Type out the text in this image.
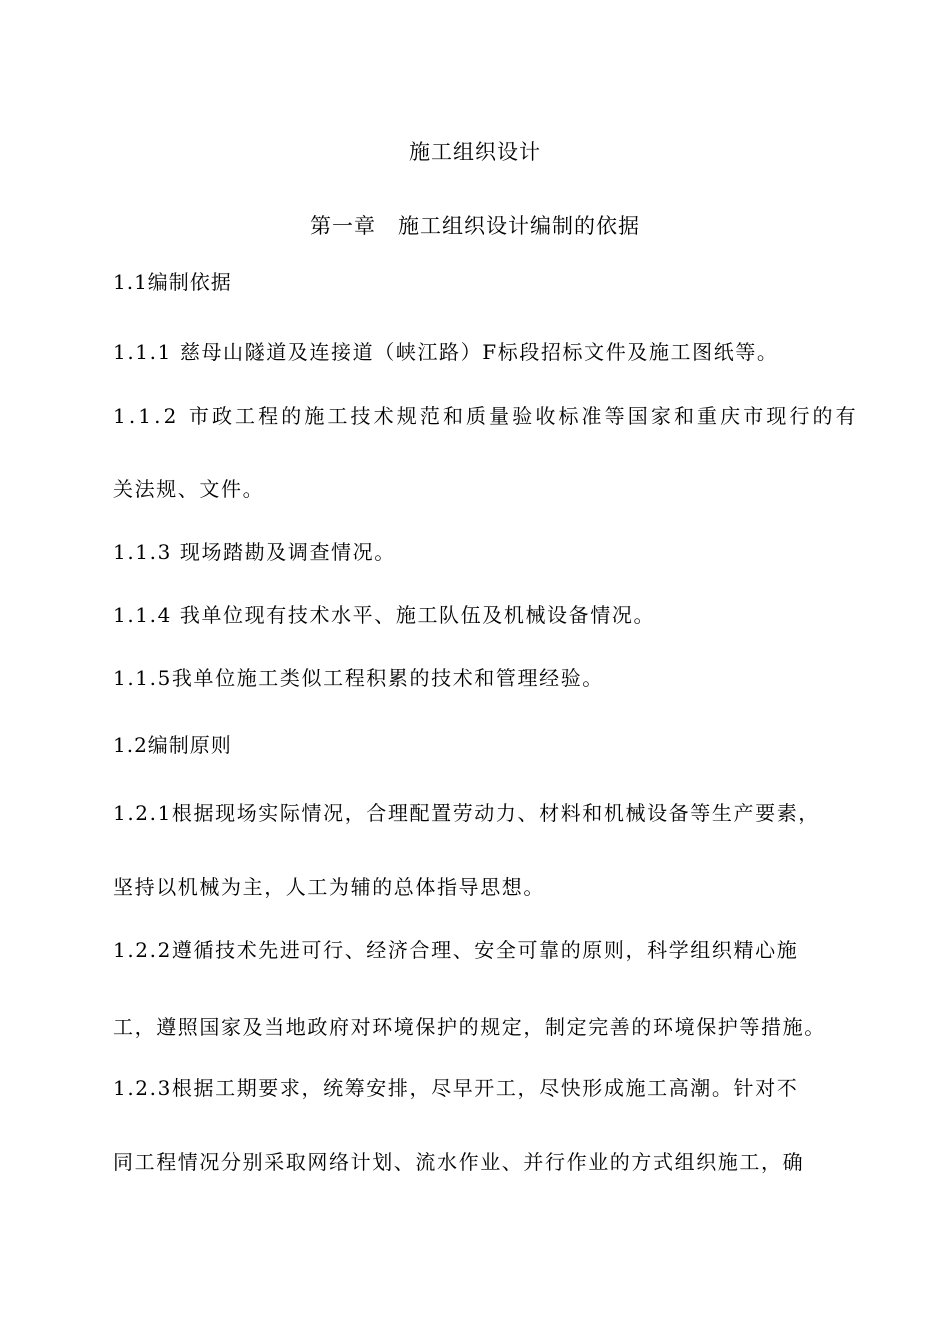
施工组织设计
第一章　施工组织设计编制的依据
1.1编制依据
1.1.1 慈母山隧道及连接道（峡江路）F标段招标文件及施工图纸等。
1.1.2 市政工程的施工技术规范和质量验收标准等国家和重庆市现行的有
关法规、文件。
1.1.3 现场踏勘及调查情况。
1.1.4 我单位现有技术水平、施工队伍及机械设备情况。
1.1.5我单位施工类似工程积累的技术和管理经验。
1.2编制原则
1.2.1根据现场实际情况，合理配置劳动力、材料和机械设备等生产要素，
坚持以机械为主，人工为辅的总体指导思想。
1.2.2遵循技术先进可行、经济合理、安全可靠的原则，科学组织精心施
工，遵照国家及当地政府对环境保护的规定，制定完善的环境保护等措施。
1.2.3根据工期要求，统筹安排，尽早开工，尽快形成施工高潮。针对不
同工程情况分别采取网络计划、流水作业、并行作业的方式组织施工，确
